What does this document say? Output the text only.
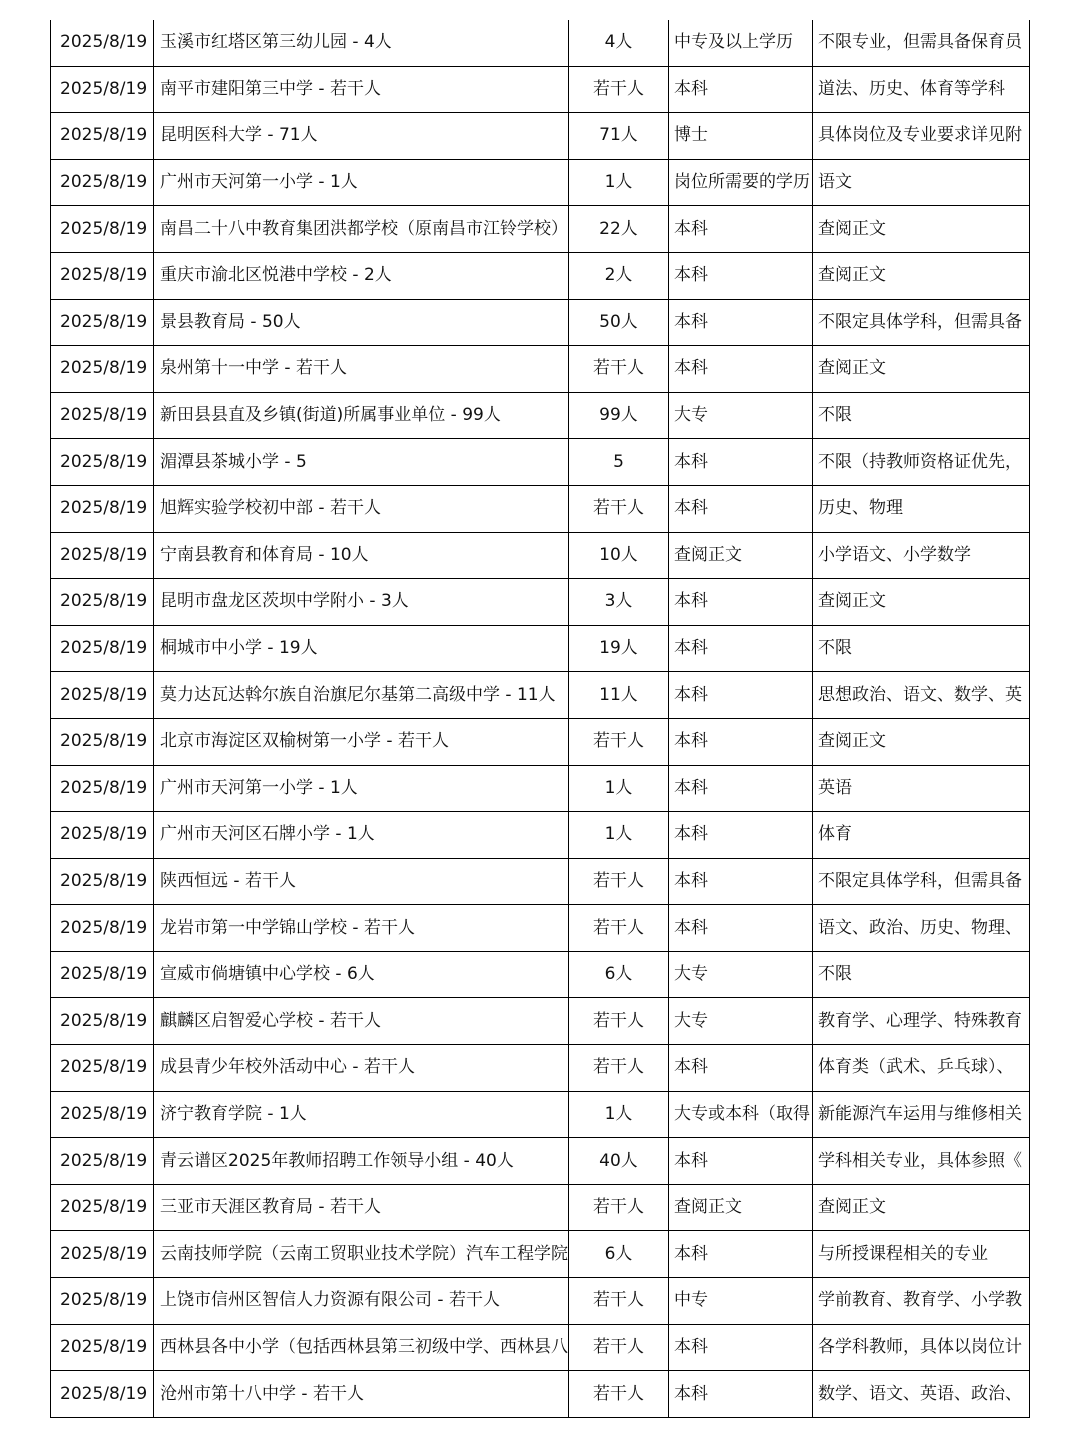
2025/8/19	玉溪市红塔区第三幼儿园 - 4人	4人	中专及以上学历	不限专业，但需具备保育员
2025/8/19	南平市建阳第三中学 - 若干人	若干人	本科	道法、历史、体育等学科
2025/8/19	昆明医科大学 - 71人	71人	博士	具体岗位及专业要求详见附
2025/8/19	广州市天河第一小学 - 1人	1人	岗位所需要的学历	语文
2025/8/19	南昌二十八中教育集团洪都学校（原南昌市江铃学校）	22人	本科	查阅正文
2025/8/19	重庆市渝北区悦港中学校 - 2人	2人	本科	查阅正文
2025/8/19	景县教育局 - 50人	50人	本科	不限定具体学科，但需具备
2025/8/19	泉州第十一中学 - 若干人	若干人	本科	查阅正文
2025/8/19	新田县县直及乡镇(街道)所属事业单位 - 99人	99人	大专	不限
2025/8/19	湄潭县茶城小学 - 5	5	本科	不限（持教师资格证优先，
2025/8/19	旭辉实验学校初中部 - 若干人	若干人	本科	历史、物理
2025/8/19	宁南县教育和体育局 - 10人	10人	查阅正文	小学语文、小学数学
2025/8/19	昆明市盘龙区茨坝中学附小 - 3人	3人	本科	查阅正文
2025/8/19	桐城市中小学 - 19人	19人	本科	不限
2025/8/19	莫力达瓦达斡尔族自治旗尼尔基第二高级中学 - 11人	11人	本科	思想政治、语文、数学、英
2025/8/19	北京市海淀区双榆树第一小学 - 若干人	若干人	本科	查阅正文
2025/8/19	广州市天河第一小学 - 1人	1人	本科	英语
2025/8/19	广州市天河区石牌小学 - 1人	1人	本科	体育
2025/8/19	陕西恒远 - 若干人	若干人	本科	不限定具体学科，但需具备
2025/8/19	龙岩市第一中学锦山学校 - 若干人	若干人	本科	语文、政治、历史、物理、
2025/8/19	宣威市倘塘镇中心学校 - 6人	6人	大专	不限
2025/8/19	麒麟区启智爱心学校 - 若干人	若干人	大专	教育学、心理学、特殊教育
2025/8/19	成县青少年校外活动中心 - 若干人	若干人	本科	体育类（武术、乒乓球）、
2025/8/19	济宁教育学院 - 1人	1人	大专或本科（取得	新能源汽车运用与维修相关
2025/8/19	青云谱区2025年教师招聘工作领导小组 - 40人	40人	本科	学科相关专业，具体参照《
2025/8/19	三亚市天涯区教育局 - 若干人	若干人	查阅正文	查阅正文
2025/8/19	云南技师学院（云南工贸职业技术学院）汽车工程学院	6人	本科	与所授课程相关的专业
2025/8/19	上饶市信州区智信人力资源有限公司 - 若干人	若干人	中专	学前教育、教育学、小学教
2025/8/19	西林县各中小学（包括西林县第三初级中学、西林县八	若干人	本科	各学科教师，具体以岗位计
2025/8/19	沧州市第十八中学 - 若干人	若干人	本科	数学、语文、英语、政治、
